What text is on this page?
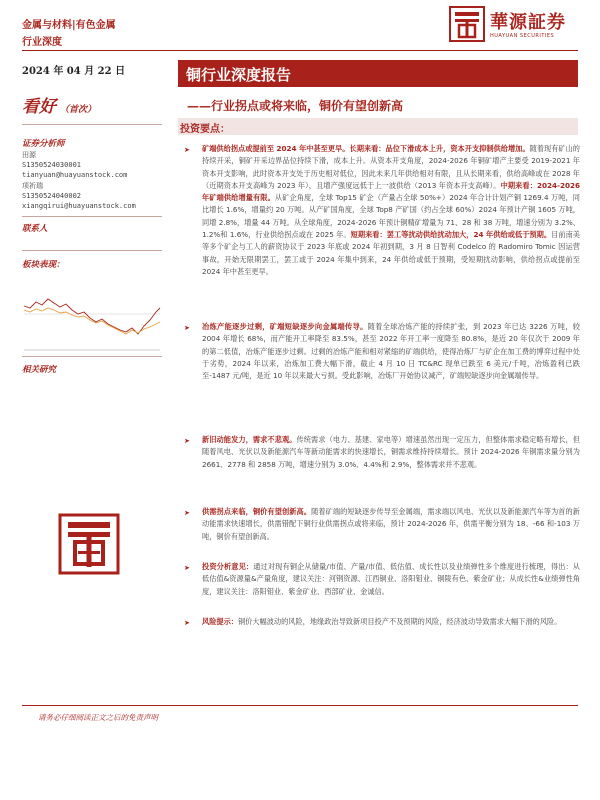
金属与材料|有色金属
行业深度
華源証券
HUAYUAN SECURITIES
2024 年 04 月 22 日	铜行业深度报告
——行业拐点或将来临，铜价有望创新高
看好 （首次）
证券分析师
田源
S1350524030001
tianyuan@huayuanstock.com
项祈瑞
S1350524040002
xiangqirui@huayuanstock.com
联系人
板块表现：
相关研究
投资要点：
➤ 矿端供给拐点或提前至 2024 年中甚至更早。长期来看：品位下滑成本上升，资本开支抑制供给增加。随着现有矿山的持续开采，铜矿开采边界品位持续下滑，成本上升。从资本开支角度，2024-2026 年铜矿增产主要受 2019-2021 年资本开支影响，此时资本开支处于历史相对低位，因此未来几年供给相对有限，且从长期来看，供给高峰或在 2028 年（近期资本开支高峰为 2023 年），且增产强度远低于上一波供给（2013 年资本开支高峰）。中期来看：2024-2026 年矿端供给增量有限。从矿企角度，全球 Top15 矿企（产量占全球 50%+）2024 年合计计划产铜 1269.4 万吨，同比增长 1.6%，增量约 20 万吨。从产矿国角度，全球 Top8 产矿国（约占全球 60%）2024 年预计产铜 1605 万吨，同增 2.8%，增量 44 万吨。从全球角度，2024-2026 年预计铜精矿增量为 71、28 和 38 万吨，增速分别为 3.2%、1.2%和 1.6%，行业供给拐点或在 2025 年。短期来看：罢工等扰动供给扰动加大，24 年供给或低于预期。目前南美等多个矿企与工人的薪资协议于 2023 年底或 2024 年初到期，3 月 8 日智利 Codelco 的 Radomiro Tomic 因运营事故，开始无限期罢工，罢工或于 2024 年集中到来，24 年供给或低于预期，受短期扰动影响，供给拐点或提前至 2024 年中甚至更早。
➤ 冶炼产能逐步过剩，矿端短缺逐步向金属端传导。随着全球冶炼产能的持续扩张，到 2023 年已达 3226 万吨，较 2004 年增长 68%，而产能开工率降至 83.5%，甚至 2022 年开工率一度降至 80.8%，是近 20 年仅次于 2009 年的第二低值，冶炼产能逐步过剩。过剩的冶炼产能和相对紧缩的矿端供给，使得冶炼厂与矿企在加工费的博弈过程中处于劣势，2024 年以来，冶炼加工费大幅下滑，截止 4 月 10 日 TC&RC 现单已跌至 6 美元/千吨，冶炼盈利已跌至-1487 元/吨，是近 10 年以来最大亏损。受此影响，冶炼厂开始协议减产，矿端短缺逐步向金属端传导。
➤ 新旧动能发力，需求不悲观。传统需求（电力、基建、家电等）增速虽然出现一定压力，但整体需求稳定略有增长，但随着风电、光伏以及新能源汽车等新动能需求的快速增长，铜需求维持持续增长。预计 2024-2026 年铜需求量分别为 2661、2778 和 2858 万吨，增速分别为 3.0%、4.4%和 2.9%，整体需求并不悲观。
➤ 供需拐点来临，铜价有望创新高。随着矿端的短缺逐步传导至金属端，需求端以风电、光伏以及新能源汽车等为首的新动能需求快速增长，供需错配下铜行业供需拐点或将来临，预计 2024-2026 年，供需平衡分别为 18、-66 和-103 万吨，铜价有望创新高。
➤ 投资分析意见：通过对现有铜企从储量/市值、产量/市值、低估值、成长性以及业绩弹性多个维度进行梳理，得出：从低估值&资源量&产量角度，建议关注：河钢资源、江西铜业、洛阳钼业、铜陵有色、紫金矿业；从成长性&业绩弹性角度，建议关注：洛阳钼业、紫金矿业、西部矿业、金诚信。
➤ 风险提示：铜价大幅波动的风险，地缘政治导致新项目投产不及预期的风险，经济波动导致需求大幅下滑的风险。
请务必仔细阅读正文之后的免责声明
